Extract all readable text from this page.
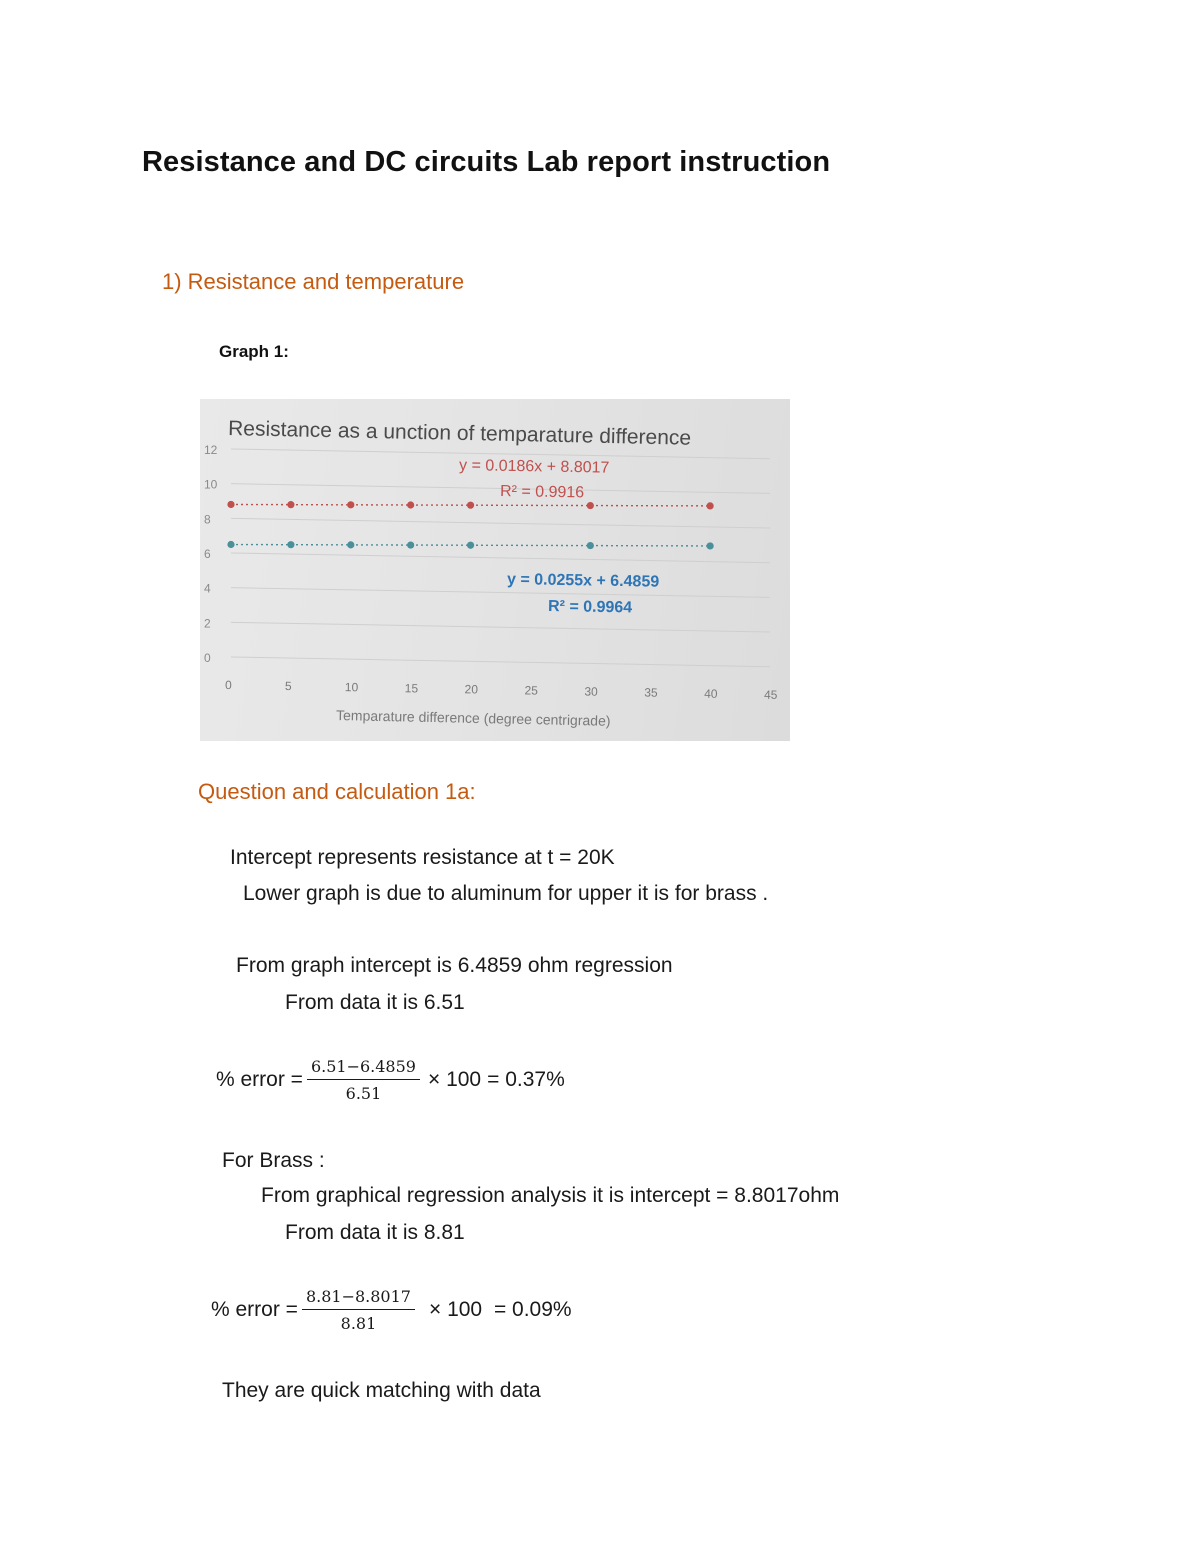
Resistance and DC circuits Lab report instruction
1) Resistance and temperature
Graph 1:
0
2
4
6
8
10
12
0	5	10	15	20	25	30	35	40	45
Resistance as a unction of temparature difference
Temparature difference (degree centrigrade)
y = 0.0186x + 8.8017
R² = 0.9916
y = 0.0255x + 6.4859
R² = 0.9964
Question and calculation 1a:
Intercept represents resistance at t = 20K
Lower graph is due to aluminum for upper it is for brass .
From graph intercept is 6.4859 ohm regression
From data it is 6.51
% error = $\frac{6.51-6.4859}{6.51} \times 100 = 0.37\%$
For Brass :
From graphical regression analysis it is intercept = 8.8017ohm
From data it is 8.81
% error = $\frac{8.81-8.8017}{8.81} \times 100 = 0.09\%$
They are quick matching with data
